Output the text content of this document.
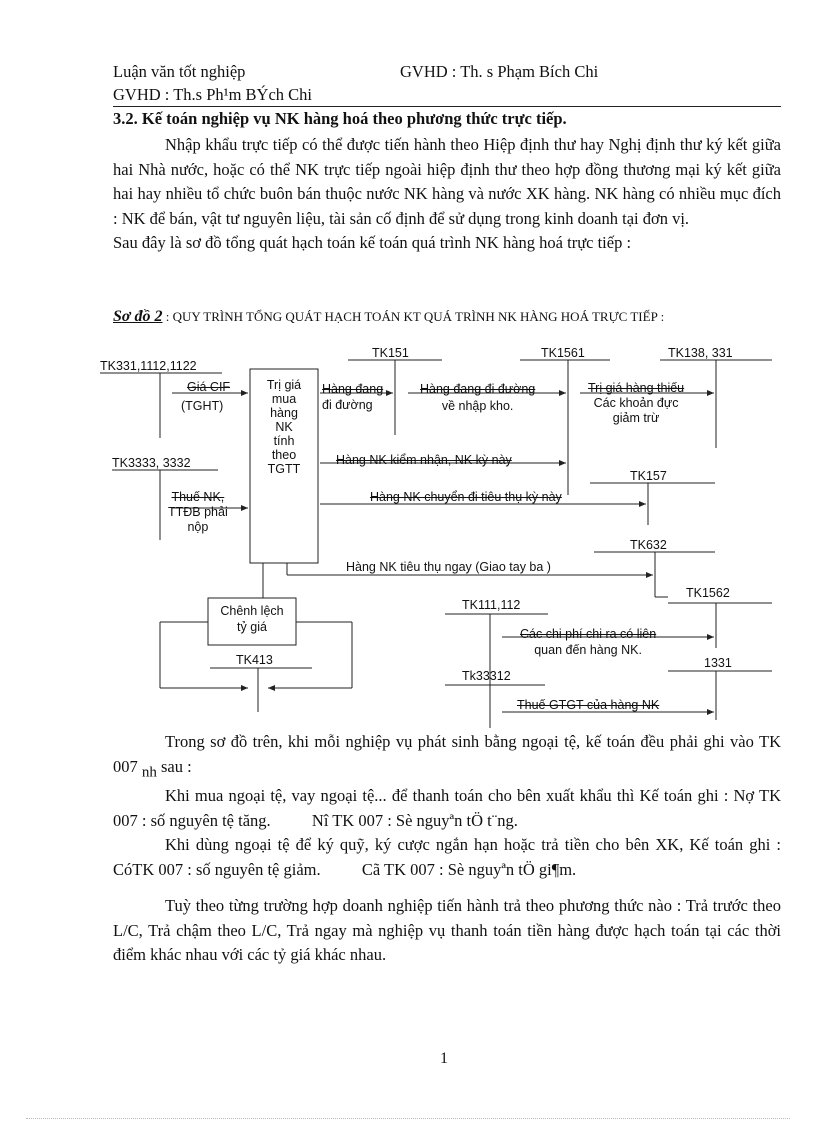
Luận văn tốt nghiệp	GVHD : Th. s Phạm Bích Chi
GVHD : Th.s Ph¹m BÝch Chi
3.2. Kế toán nghiệp vụ NK hàng hoá theo phương thức trực tiếp.

Nhập khẩu trực tiếp có thể được tiến hành theo Hiệp định thư hay Nghị định thư ký kết giữa hai Nhà nước, hoặc có thể NK trực tiếp ngoài hiệp định thư theo hợp đồng thương mại ký kết giữa hai hay nhiều tổ chức buôn bán thuộc nước NK hàng và nước XK hàng. NK hàng có nhiều mục đích : NK để bán, vật tư nguyên liệu, tài sản cố định để sử dụng trong kinh doanh tại đơn vị.

Sau đây là sơ đồ tổng quát hạch toán kế toán quá trình NK hàng hoá trực tiếp :

Sơ đồ 2 : QUY TRÌNH TỔNG QUÁT HẠCH TOÁN KT QUÁ TRÌNH NK HÀNG HOÁ TRỰC TIẾP :
TK331,1112,1122
TK151	TK1561	TK138, 331
Giá CIF
(TGHT)
Trị giá
mua
hàng
NK
tính
theo
TGTT
Hàng đang
đi đường
Hàng đang đi đường
về nhập kho.
Trị giá hàng thiếu
Các khoản đực
giảm trừ
Hàng NK kiểm nhận, NK kỳ này
TK3333, 3332
Thuế NK,
TTĐB phải
nộp
TK157
Hàng NK chuyển đi tiêu thụ kỳ này
TK632
Hàng NK tiêu thụ ngay (Giao tay ba )
TK1562
Chênh lệch
tỷ giá
TK111,112
Các chi phí chi ra có liên
quan đến hàng NK.
TK413	1331
Tk33312
Thuế GTGT của hàng NK

Trong sơ đồ trên, khi mỗi nghiệp vụ phát sinh bằng ngoại tệ, kế toán đều phải ghi vào TK 007 $_{nh}$ sau :

Khi mua ngoại tệ, vay ngoại tệ... để thanh toán cho bên xuất khẩu thì Kế toán ghi : Nợ TK 007 : số nguyên tệ tăng.	Nî TK 007 : Sè nguyªn tÖ t¨ng.

Khi dùng ngoại tệ để ký quỹ, ký cược ngắn hạn hoặc trả tiền cho bên XK, Kế toán ghi : CóTK 007 : số nguyên tệ giảm.	Cã TK 007 : Sè nguyªn tÖ gi¶m.

Tuỳ theo từng trường hợp doanh nghiệp tiến hành trả theo phương thức nào : Trả trước theo L/C, Trả chậm theo L/C, Trả ngay mà nghiệp vụ thanh toán tiền hàng được hạch toán tại các thời điểm khác nhau với các tỷ giá khác nhau.

1
